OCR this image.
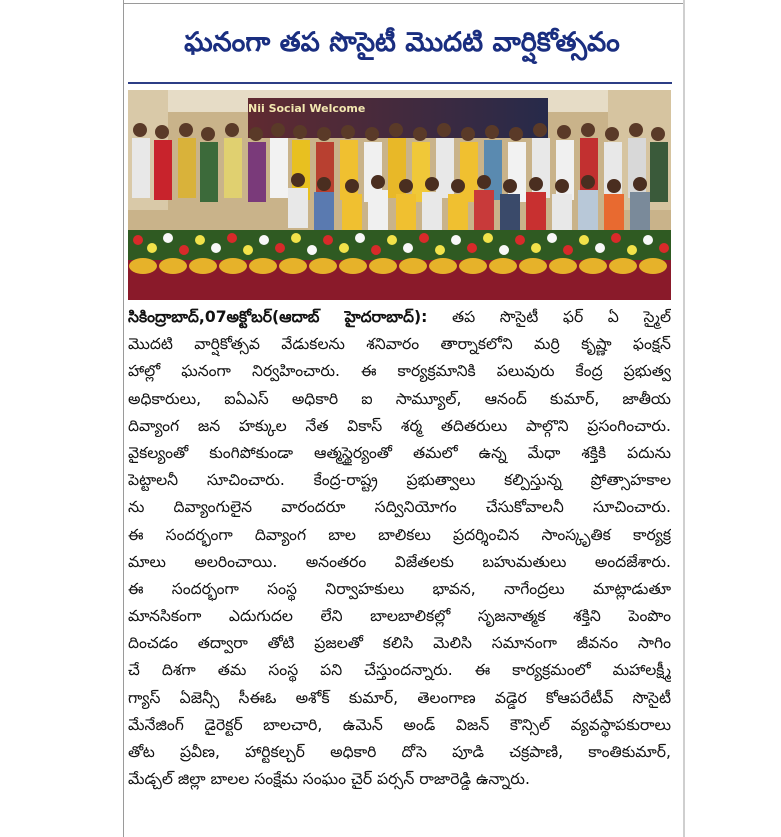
ఘనంగా తప సొసైటీ మొదటి వార్షికోత్సవం
Nii Social Welcome
సికింద్రాబాద్,07అక్టోబర్(ఆదాబ్ హైదరాబాద్): తప సొసైటీ ఫర్ ఏ స్మైల్
మొదటి వార్షికోత్సవ వేడుకలను శనివారం తార్నాకలోని మర్రి కృష్ణా ఫంక్షన్
హాల్లో ఘనంగా నిర్వహించారు. ఈ కార్యక్రమానికి పలువురు కేంద్ర ప్రభుత్వ
అధికారులు, ఐఏఎస్ అధికారి ఐ సామ్యూల్, ఆనంద్ కుమార్, జాతీయ
దివ్యాంగ జన హక్కుల నేత వికాస్ శర్మ తదితరులు పాల్గొని ప్రసంగించారు.
వైకల్యంతో కుంగిపోకుండా ఆత్మస్థైర్యంతో తమలో ఉన్న మేధా శక్తికి పదును
పెట్టాలనీ సూచించారు. కేంద్ర-రాష్ట్ర ప్రభుత్వాలు కల్పిస్తున్న ప్రోత్సాహకాల
ను దివ్యాంగులైన వారందరూ సద్వినియోగం చేసుకోవాలనీ సూచించారు.
ఈ సందర్భంగా దివ్యాంగ బాల బాలికలు ప్రదర్శించిన సాంస్కృతిక కార్యక్ర
మాలు అలరించాయి. అనంతరం విజేతలకు బహుమతులు అందజేశారు.
ఈ సందర్భంగా సంస్థ నిర్వాహకులు భావన, నాగేంద్రలు మాట్లాడుతూ
మానసికంగా ఎదుగుదల లేని బాలబాలికల్లో సృజనాత్మక శక్తిని పెంపొం
దించడం తద్వారా తోటి ప్రజలతో కలిసి మెలిసి సమానంగా జీవనం సాగిం
చే దిశగా తమ సంస్థ పని చేస్తుందన్నారు. ఈ కార్యక్రమంలో మహాలక్ష్మీ
గ్యాస్ ఏజెన్సీ సీఈఓ అశోక్ కుమార్, తెలంగాణ వడ్డెర కోఆపరేటీవ్ సొసైటీ
మేనేజింగ్ డైరెక్టర్ బాలచారి, ఉమెన్ అండ్ విజన్ కౌన్సిల్ వ్యవస్థాపకురాలు
తోట ప్రవీణ, హార్టికల్చర్ అధికారి దోసె పూడి చక్రపాణి, కాంతికుమార్,
మేడ్చల్ జిల్లా బాలల సంక్షేమ సంఘం చైర్ పర్సన్ రాజారెడ్డి ఉన్నారు.
